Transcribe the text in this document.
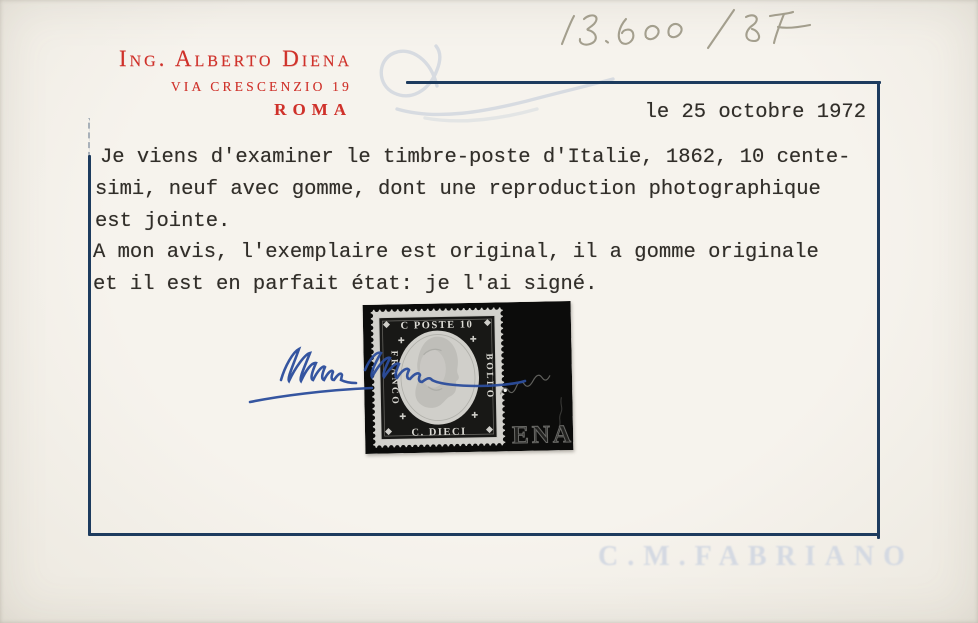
C.M.FABRIANO
Ing. Alberto Diena
VIA CRESCENZIO 19
ROMA	le 25 octobre 1972
Je viens d'examiner le timbre-poste d'Italie, 1862, 10 cente-
simi, neuf avec gomme, dont une reproduction photographique
est jointe.
A mon avis, l'exemplaire est original, il a gomme originale
et il est en parfait état: je l'ai signé.
C POSTE 10
FRANCO	BOLLO
C. DIECI ENA
